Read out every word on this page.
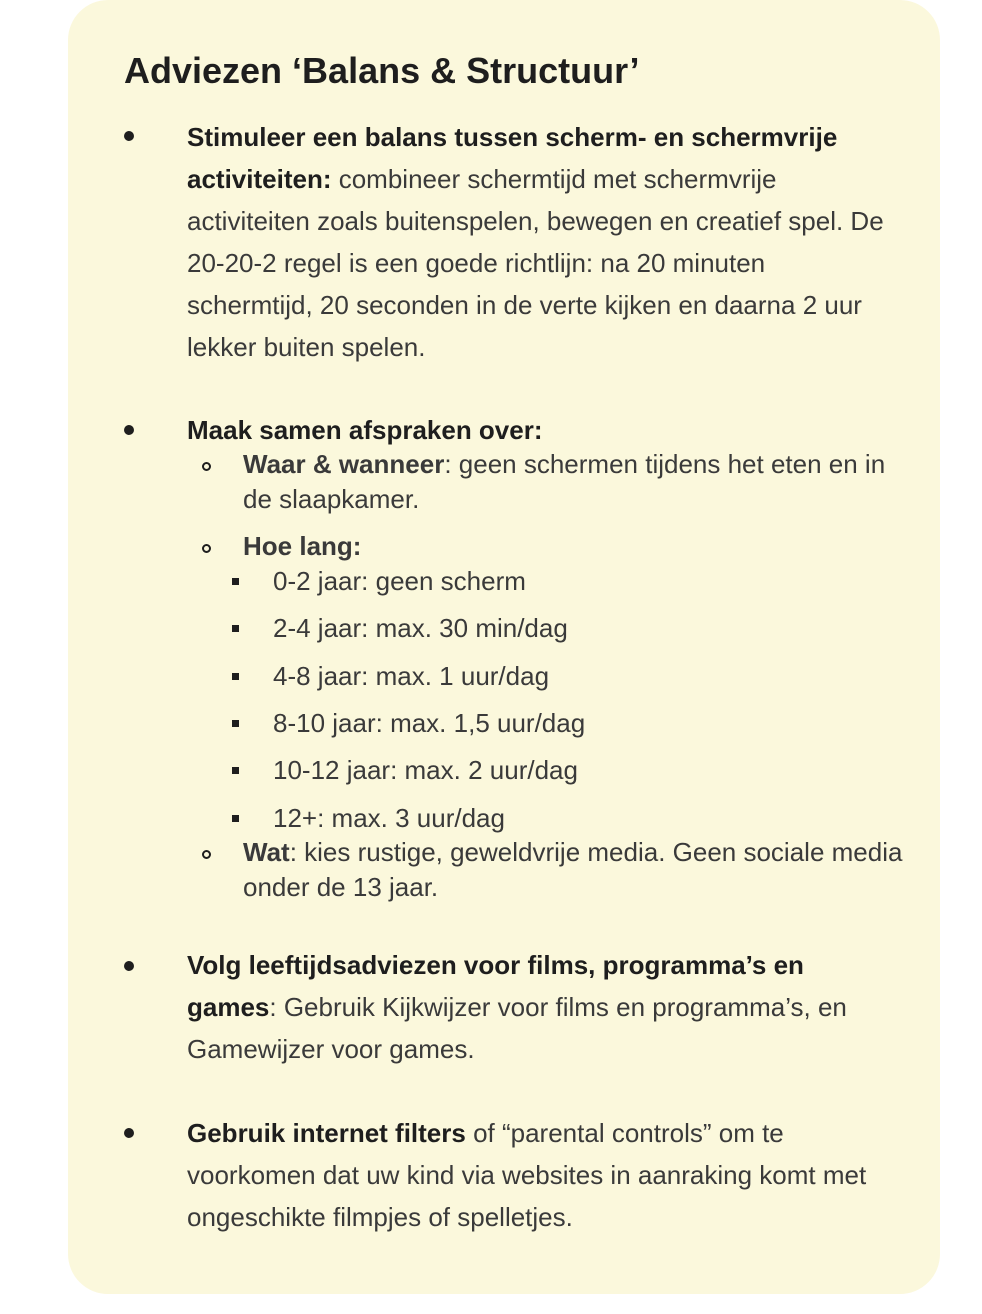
Adviezen ‘Balans & Structuur’
Stimuleer een balans tussen scherm- en schermvrije activiteiten: combineer schermtijd met schermvrije activiteiten zoals buitenspelen, bewegen en creatief spel. De 20-20-2 regel is een goede richtlijn: na 20 minuten schermtijd, 20 seconden in de verte kijken en daarna 2 uur lekker buiten spelen.
Maak samen afspraken over:
Waar & wanneer: geen schermen tijdens het eten en in de slaapkamer.
Hoe lang:
0-2 jaar: geen scherm
2-4 jaar: max. 30 min/dag
4-8 jaar: max. 1 uur/dag
8-10 jaar: max. 1,5 uur/dag
10-12 jaar: max. 2 uur/dag
12+: max. 3 uur/dag
Wat: kies rustige, geweldvrije media. Geen sociale media onder de 13 jaar.
Volg leeftijdsadviezen voor films, programma’s en games: Gebruik Kijkwijzer voor films en programma’s, en Gamewijzer voor games.
Gebruik internet filters of “parental controls” om te voorkomen dat uw kind via websites in aanraking komt met ongeschikte filmpjes of spelletjes.
